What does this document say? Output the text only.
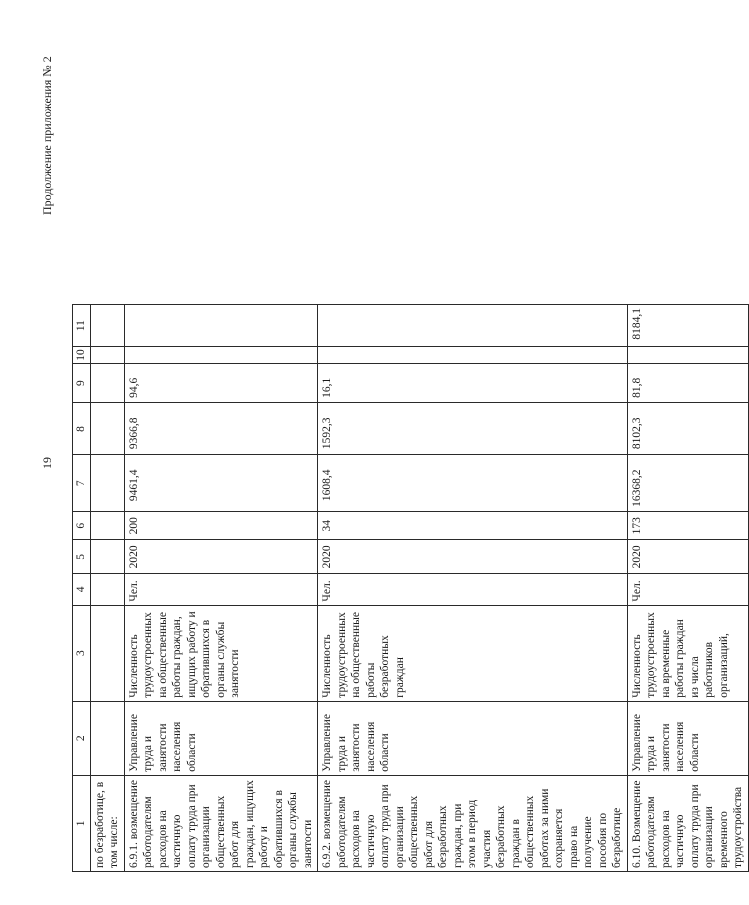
19
Продолжение приложения № 2
1	2	3	4	5	6	7	8	9	10	11
по безработице, в том числе:										
6.9.1. возмещение работодателям расходов на частичную оплату труда при организации общественных работ для граждан, ищущих работу и обратившихся в органы службы занятости	Управление труда и занятости населения области	Численность трудоустроенных на общественные работы граждан, ищущих работу и обратившихся в органы службы занятости	Чел.	2020	200	9461,4	9366,8	94,6		
6.9.2. возмещение работодателям расходов на частичную оплату труда при организации общественных работ для безработных граждан, при этом в период участия безработных граждан в общественных работах за ними сохраняется право на получение пособия по безработице	Управление труда и занятости населения области	Численность трудоустроенных на общественные работы безработных граждан	Чел.	2020	34	1608,4	1592,3	16,1		
6.10. Возмещение работодателям расходов на частичную оплату труда при организации временного трудоустройства	Управление труда и занятости населения области	Численность трудоустроенных на временные работы граждан из числа работников организаций,	Чел.	2020	173	16368,2	8102,3	81,8		8184,1
